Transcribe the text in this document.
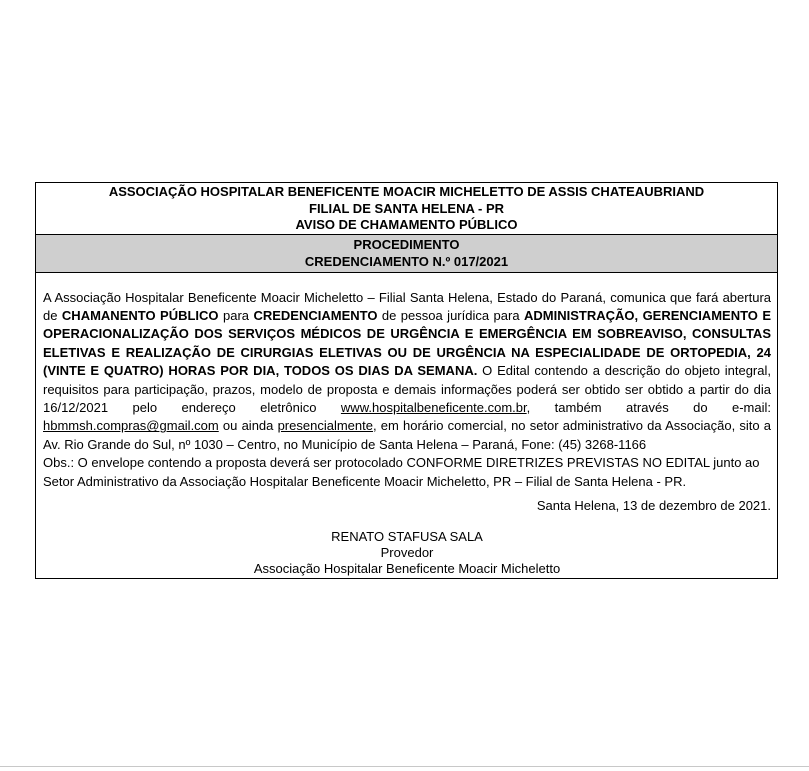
ASSOCIAÇÃO HOSPITALAR BENEFICENTE MOACIR MICHELETTO DE ASSIS CHATEAUBRIAND
FILIAL DE SANTA HELENA - PR
AVISO DE CHAMAMENTO PÚBLICO
PROCEDIMENTO
CREDENCIAMENTO N.º 017/2021

A Associação Hospitalar Beneficente Moacir Micheletto – Filial Santa Helena, Estado do Paraná, comunica que fará abertura de CHAMANENTO PÚBLICO para CREDENCIAMENTO de pessoa jurídica para ADMINISTRAÇÃO, GERENCIAMENTO E OPERACIONALIZAÇÃO DOS SERVIÇOS MÉDICOS DE URGÊNCIA E EMERGÊNCIA EM SOBREAVISO, CONSULTAS ELETIVAS E REALIZAÇÃO DE CIRURGIAS ELETIVAS OU DE URGÊNCIA NA ESPECIALIDADE DE ORTOPEDIA, 24 (VINTE E QUATRO) HORAS POR DIA, TODOS OS DIAS DA SEMANA. O Edital contendo a descrição do objeto integral, requisitos para participação, prazos, modelo de proposta e demais informações poderá ser obtido ser obtido a partir do dia 16/12/2021 pelo endereço eletrônico www.hospitalbeneficente.com.br, também através do e-mail: hbmmsh.compras@gmail.com ou ainda presencialmente, em horário comercial, no setor administrativo da Associação, sito a Av. Rio Grande do Sul, nº 1030 – Centro, no Município de Santa Helena – Paraná, Fone: (45) 3268-1166

Obs.: O envelope contendo a proposta deverá ser protocolado CONFORME DIRETRIZES PREVISTAS NO EDITAL junto ao Setor Administrativo da Associação Hospitalar Beneficente Moacir Micheletto, PR – Filial de Santa Helena - PR.

Santa Helena, 13 de dezembro de 2021.

RENATO STAFUSA SALA
Provedor
Associação Hospitalar Beneficente Moacir Micheletto
